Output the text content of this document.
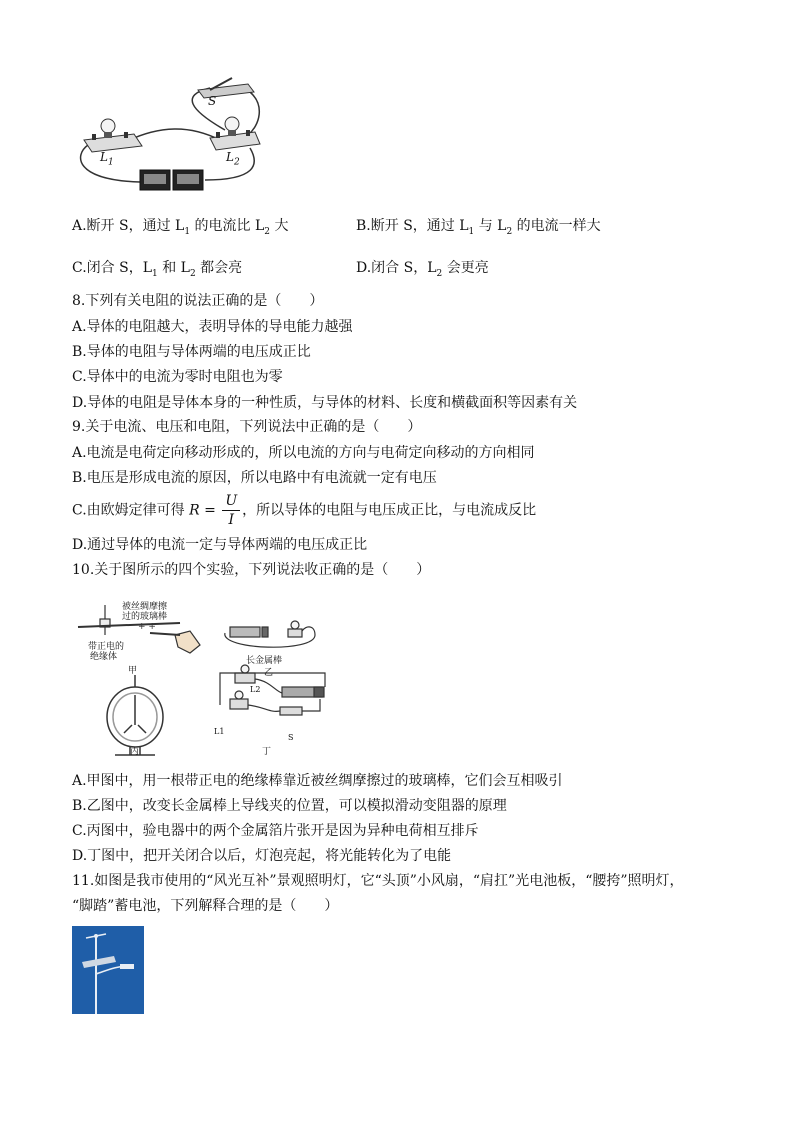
S
$L_1$	$L_2$
A.断开 S，通过 $L_1$ 的电流比 $L_2$ 大	B.断开 S，通过 $L_1$ 与 $L_2$ 的电流一样大
C.闭合 S，$L_1$ 和 $L_2$ 都会亮	D.闭合 S，$L_2$ 会更亮
8.下列有关电阻的说法正确的是（　　）
A.导体的电阻越大，表明导体的导电能力越强
B.导体的电阻与导体两端的电压成正比
C.导体中的电流为零时电阻也为零
D.导体的电阻是导体本身的一种性质，与导体的材料、长度和横截面积等因素有关
9.关于电流、电压和电阻，下列说法中正确的是（　　）
A.电流是电荷定向移动形成的，所以电流的方向与电荷定向移动的方向相同
B.电压是形成电流的原因，所以电路中有电流就一定有电压
C.由欧姆定律可得 $R = \frac{U}{I}$ ，所以导体的电阻与电压成正比，与电流成反比
D.通过导体的电流一定与导体两端的电压成正比
10.关于图所示的四个实验，下列说法收正确的是（　　）
+ +
被丝绸摩擦
过的玻璃棒
带正电的
绝缘体
甲
长金属棒
乙
丙	丁
L1
L2
S
A.甲图中，用一根带正电的绝缘棒靠近被丝绸摩擦过的玻璃棒，它们会互相吸引
B.乙图中，改变长金属棒上导线夹的位置，可以模拟滑动变阻器的原理
C.丙图中，验电器中的两个金属箔片张开是因为异种电荷相互排斥
D.丁图中，把开关闭合以后，灯泡亮起，将光能转化为了电能
11.如图是我市使用的“风光互补”景观照明灯，它“头顶”小风扇，“肩扛”光电池板，“腰挎”照明灯，
“脚踏”蓄电池，下列解释合理的是（　　）
